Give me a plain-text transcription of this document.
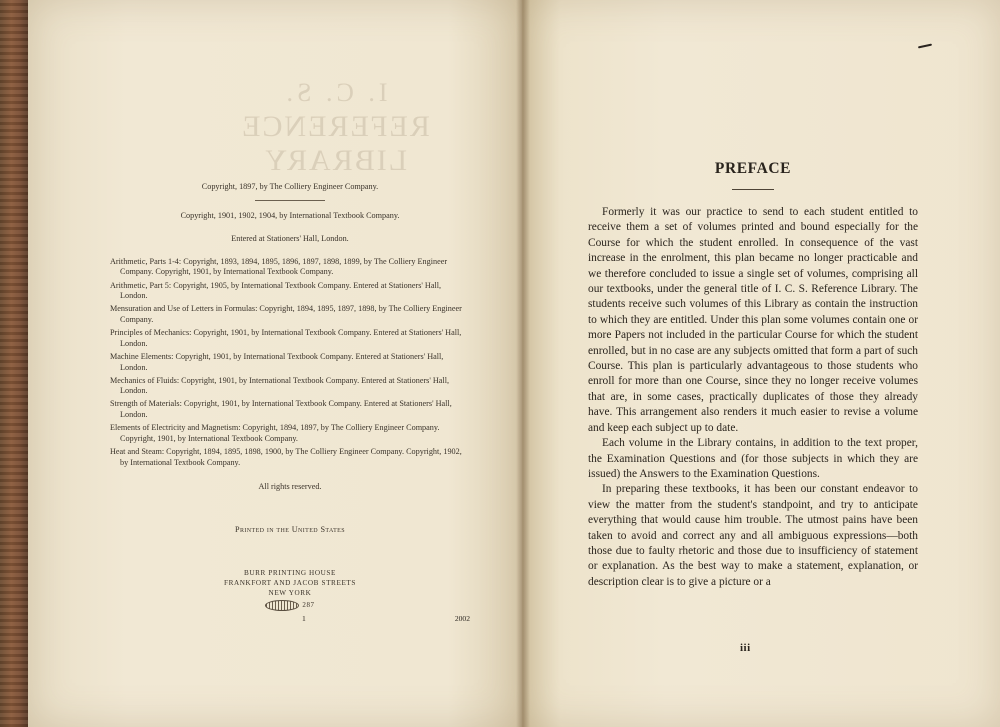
I. C. S.
REFERENCE LIBRARY
Copyright, 1897, by The Colliery Engineer Company.
Copyright, 1901, 1902, 1904, by International Textbook Company.
Entered at Stationers' Hall, London.
Arithmetic, Parts 1-4: Copyright, 1893, 1894, 1895, 1896, 1897, 1898, 1899, by The Colliery Engineer Company. Copyright, 1901, by International Textbook Company.
Arithmetic, Part 5: Copyright, 1905, by International Textbook Company. Entered at Stationers' Hall, London.
Mensuration and Use of Letters in Formulas: Copyright, 1894, 1895, 1897, 1898, by The Colliery Engineer Company.
Principles of Mechanics: Copyright, 1901, by International Textbook Company. Entered at Stationers' Hall, London.
Machine Elements: Copyright, 1901, by International Textbook Company. Entered at Stationers' Hall, London.
Mechanics of Fluids: Copyright, 1901, by International Textbook Company. Entered at Stationers' Hall, London.
Strength of Materials: Copyright, 1901, by International Textbook Company. Entered at Stationers' Hall, London.
Elements of Electricity and Magnetism: Copyright, 1894, 1897, by The Colliery Engineer Company. Copyright, 1901, by International Textbook Company.
Heat and Steam: Copyright, 1894, 1895, 1898, 1900, by The Colliery Engineer Company. Copyright, 1902, by International Textbook Company.
All rights reserved.
Printed in the United States
BURR PRINTING HOUSE
FRANKFORT AND JACOB STREETS
NEW YORK
287
1	2002
PREFACE

Formerly it was our practice to send to each student entitled to receive them a set of volumes printed and bound especially for the Course for which the student enrolled. In consequence of the vast increase in the enrolment, this plan became no longer practicable and we therefore concluded to issue a single set of volumes, comprising all our textbooks, under the general title of I. C. S. Reference Library. The students receive such volumes of this Library as contain the instruction to which they are entitled. Under this plan some volumes contain one or more Papers not included in the particular Course for which the student enrolled, but in no case are any subjects omitted that form a part of such Course. This plan is particularly advantageous to those students who enroll for more than one Course, since they no longer receive volumes that are, in some cases, practically duplicates of those they already have. This arrangement also renders it much easier to revise a volume and keep each subject up to date.

Each volume in the Library contains, in addition to the text proper, the Examination Questions and (for those subjects in which they are issued) the Answers to the Examination Questions.

In preparing these textbooks, it has been our constant endeavor to view the matter from the student's standpoint, and try to anticipate everything that would cause him trouble. The utmost pains have been taken to avoid and correct any and all ambiguous expressions—both those due to faulty rhetoric and those due to insufficiency of statement or explanation. As the best way to make a statement, explanation, or description clear is to give a picture or a

iii
